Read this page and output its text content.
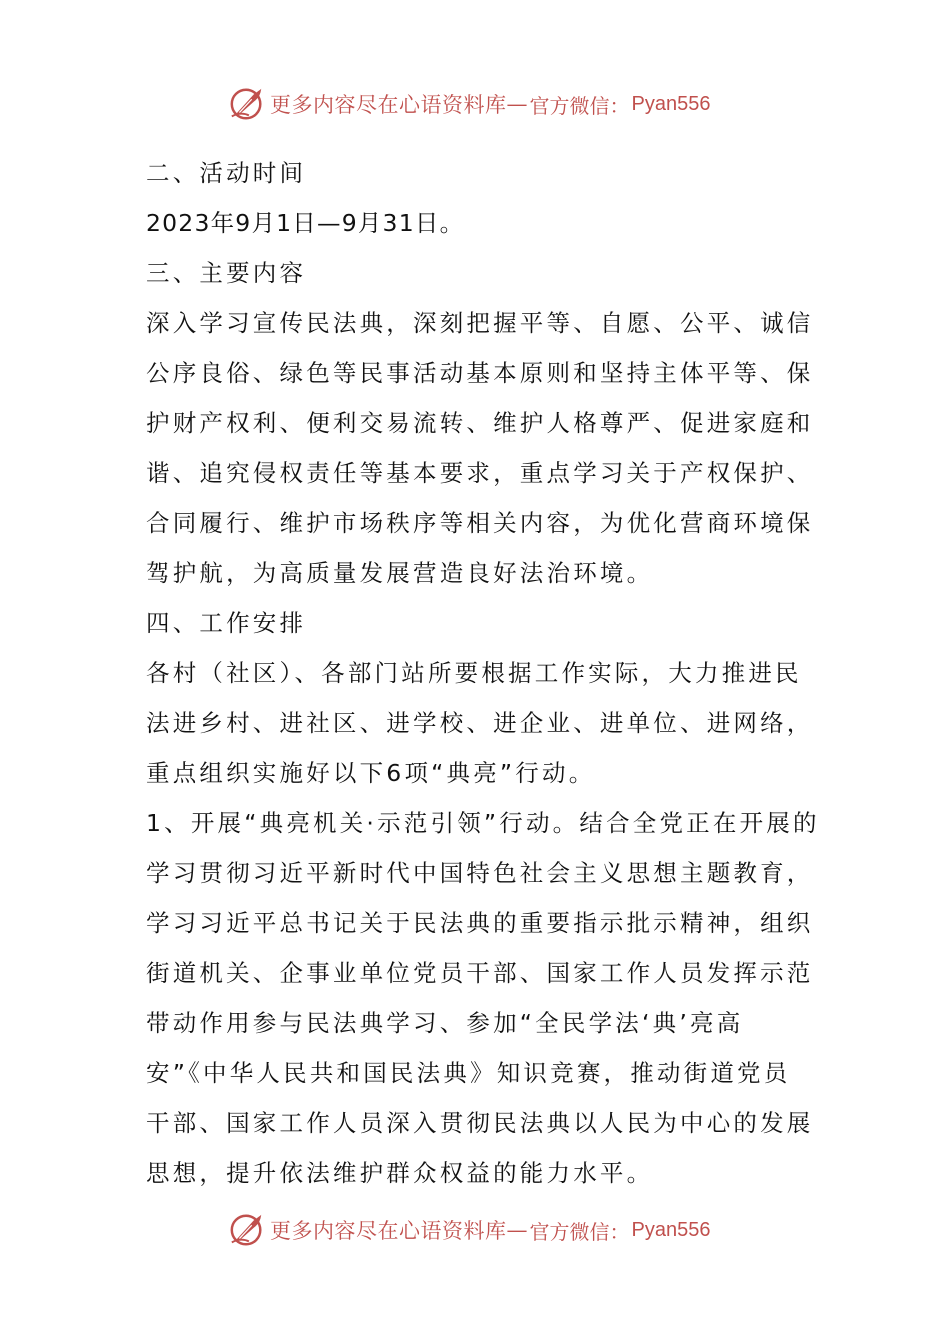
更多内容尽在心语资料库 — 官方微信： Pyan556
二、活动时间
2023年9月1日—9月31日。
三、主要内容
深入学习宣传民法典，深刻把握平等、自愿、公平、诚信
公序良俗、绿色等民事活动基本原则和坚持主体平等、保
护财产权利、便利交易流转、维护人格尊严、促进家庭和
谐、追究侵权责任等基本要求，重点学习关于产权保护、
合同履行、维护市场秩序等相关内容，为优化营商环境保
驾护航，为高质量发展营造良好法治环境。
四、工作安排
各村（社区）、各部门站所要根据工作实际，大力推进民
法进乡村、进社区、进学校、进企业、进单位、进网络，
重点组织实施好以下6项“典亮”行动。
1、开展“典亮机关·示范引领”行动。结合全党正在开展的
学习贯彻习近平新时代中国特色社会主义思想主题教育，
学习习近平总书记关于民法典的重要指示批示精神，组织
街道机关、企事业单位党员干部、国家工作人员发挥示范
带动作用参与民法典学习、参加“全民学法‘典’亮高
安”《中华人民共和国民法典》知识竞赛，推动街道党员
干部、国家工作人员深入贯彻民法典以人民为中心的发展
思想，提升依法维护群众权益的能力水平。
更多内容尽在心语资料库 — 官方微信： Pyan556
